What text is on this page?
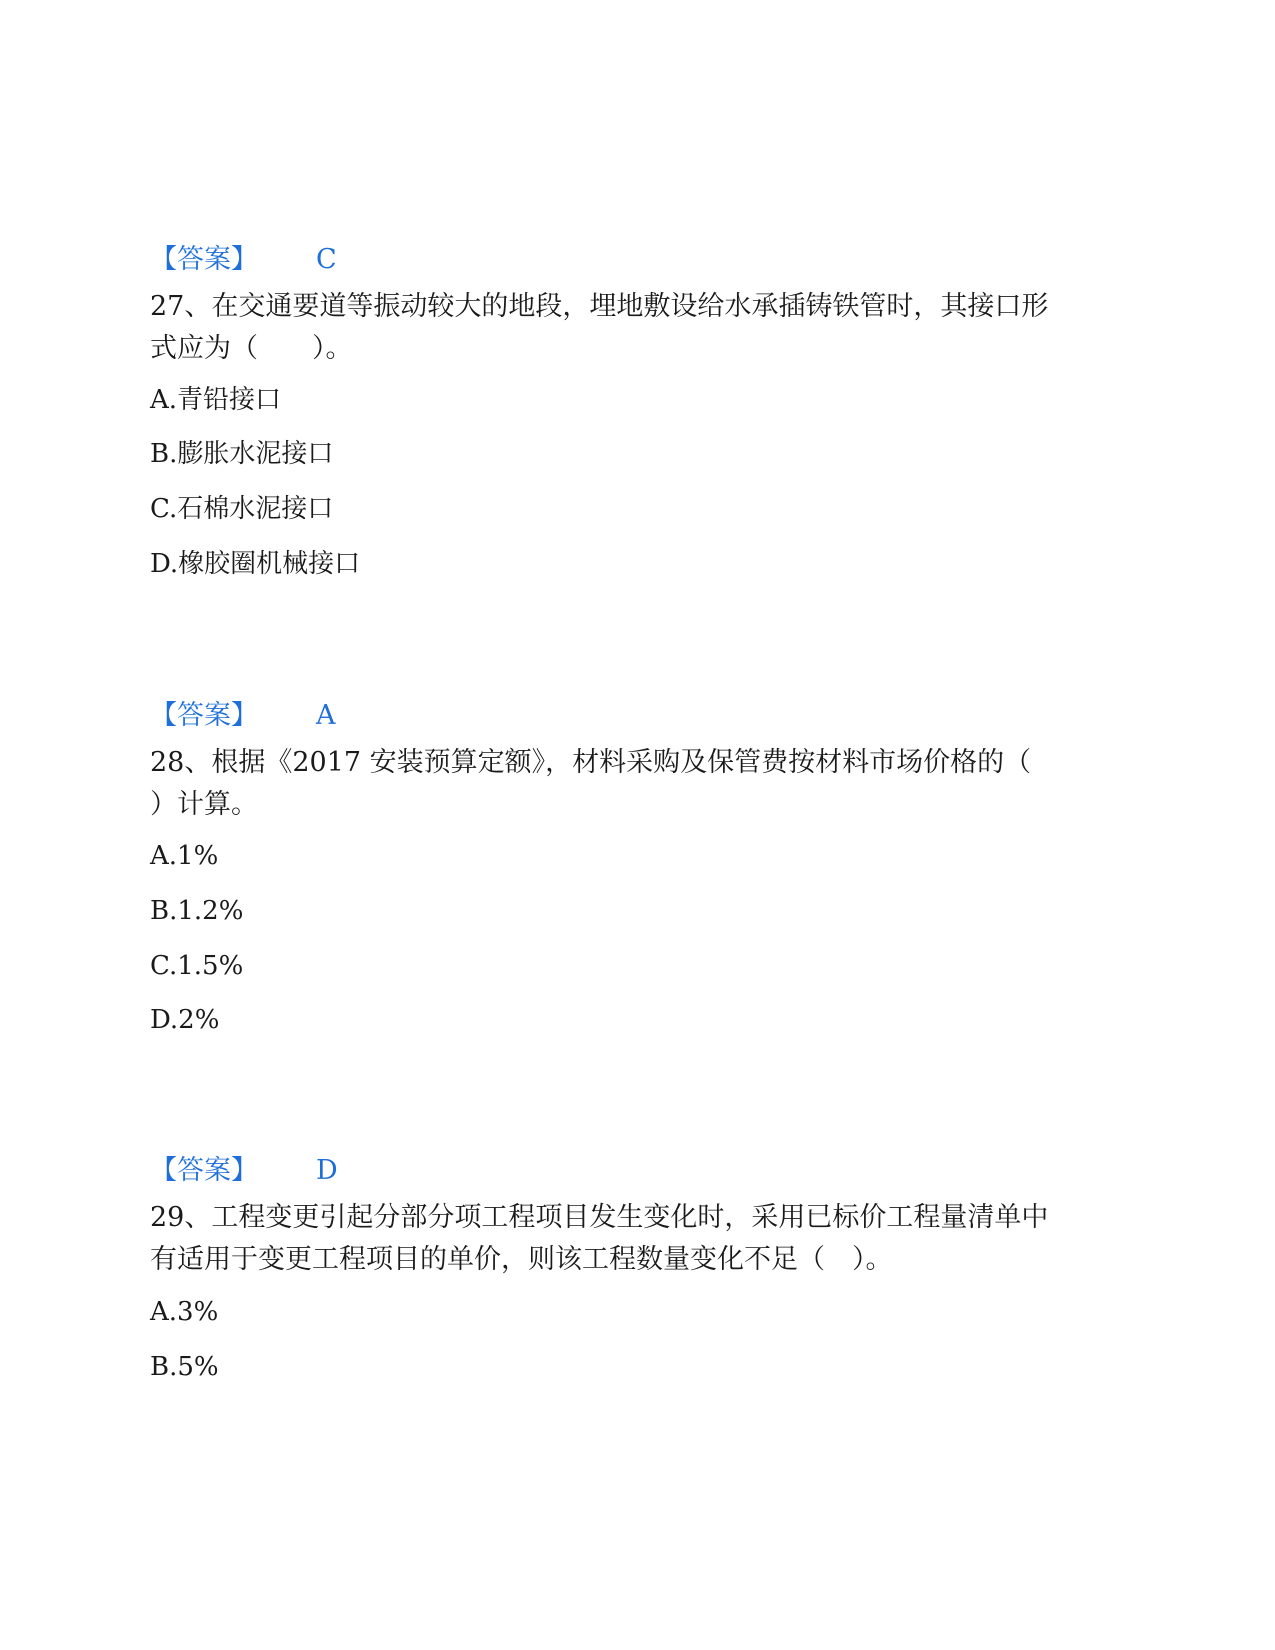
【答案】 C
27、在交通要道等振动较大的地段，埋地敷设给水承插铸铁管时，其接口形
式应为（　　）。
A.青铅接口
B.膨胀水泥接口
C.石棉水泥接口
D.橡胶圈机械接口
【答案】 A
28、根据《2017 安装预算定额》，材料采购及保管费按材料市场价格的（
）计算。
A.1%
B.1.2%
C.1.5%
D.2%
【答案】 D
29、工程变更引起分部分项工程项目发生变化时，采用已标价工程量清单中
有适用于变更工程项目的单价，则该工程数量变化不足（　）。
A.3%
B.5%
